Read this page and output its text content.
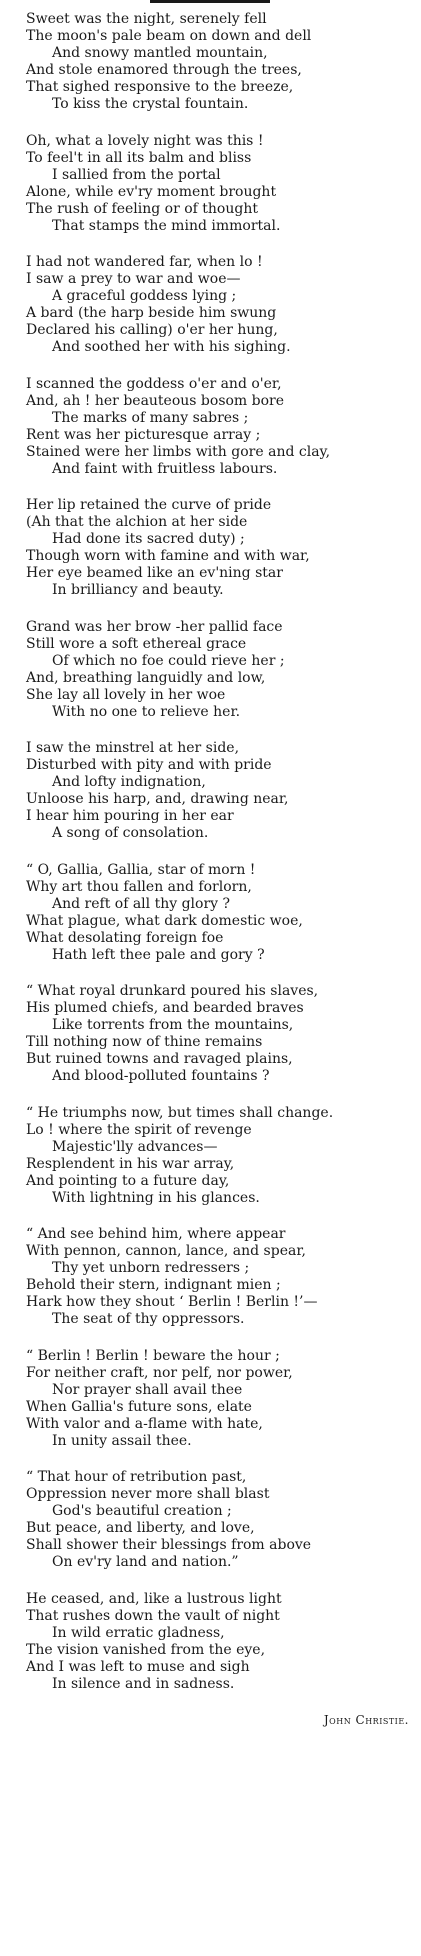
Sweet was the night, serenely fell
The moon's pale beam on down and dell
And snowy mantled mountain,
And stole enamored through the trees,
That sighed responsive to the breeze,
To kiss the crystal fountain.
Oh, what a lovely night was this !
To feel't in all its balm and bliss
I sallied from the portal
Alone, while ev'ry moment brought
The rush of feeling or of thought
That stamps the mind immortal.
I had not wandered far, when lo !
I saw a prey to war and woe—
A graceful goddess lying ;
A bard (the harp beside him swung
Declared his calling) o'er her hung,
And soothed her with his sighing.
I scanned the goddess o'er and o'er,
And, ah ! her beauteous bosom bore
The marks of many sabres ;
Rent was her picturesque array ;
Stained were her limbs with gore and clay,
And faint with fruitless labours.
Her lip retained the curve of pride
(Ah that the alchion at her side
Had done its sacred duty) ;
Though worn with famine and with war,
Her eye beamed like an ev'ning star
In brilliancy and beauty.
Grand was her brow -her pallid face
Still wore a soft ethereal grace
Of which no foe could rieve her ;
And, breathing languidly and low,
She lay all lovely in her woe
With no one to relieve her.
I saw the minstrel at her side,
Disturbed with pity and with pride
And lofty indignation,
Unloose his harp, and, drawing near,
I hear him pouring in her ear
A song of consolation.
“ O, Gallia, Gallia, star of morn !
Why art thou fallen and forlorn,
And reft of all thy glory ?
What plague, what dark domestic woe,
What desolating foreign foe
Hath left thee pale and gory ?
“ What royal drunkard poured his slaves,
His plumed chiefs, and bearded braves
Like torrents from the mountains,
Till nothing now of thine remains
But ruined towns and ravaged plains,
And blood-polluted fountains ?
“ He triumphs now, but times shall change.
Lo ! where the spirit of revenge
Majestic'lly advances—
Resplendent in his war array,
And pointing to a future day,
With lightning in his glances.
“ And see behind him, where appear
With pennon, cannon, lance, and spear,
Thy yet unborn redressers ;
Behold their stern, indignant mien ;
Hark how they shout ‘ Berlin ! Berlin !’—
The seat of thy oppressors.
“ Berlin ! Berlin ! beware the hour ;
For neither craft, nor pelf, nor power,
Nor prayer shall avail thee
When Gallia's future sons, elate
With valor and a-flame with hate,
In unity assail thee.
“ That hour of retribution past,
Oppression never more shall blast
God's beautiful creation ;
But peace, and liberty, and love,
Shall shower their blessings from above
On ev'ry land and nation.”
He ceased, and, like a lustrous light
That rushes down the vault of night
In wild erratic gladness,
The vision vanished from the eye,
And I was left to muse and sigh
In silence and in sadness.
John Christie.
